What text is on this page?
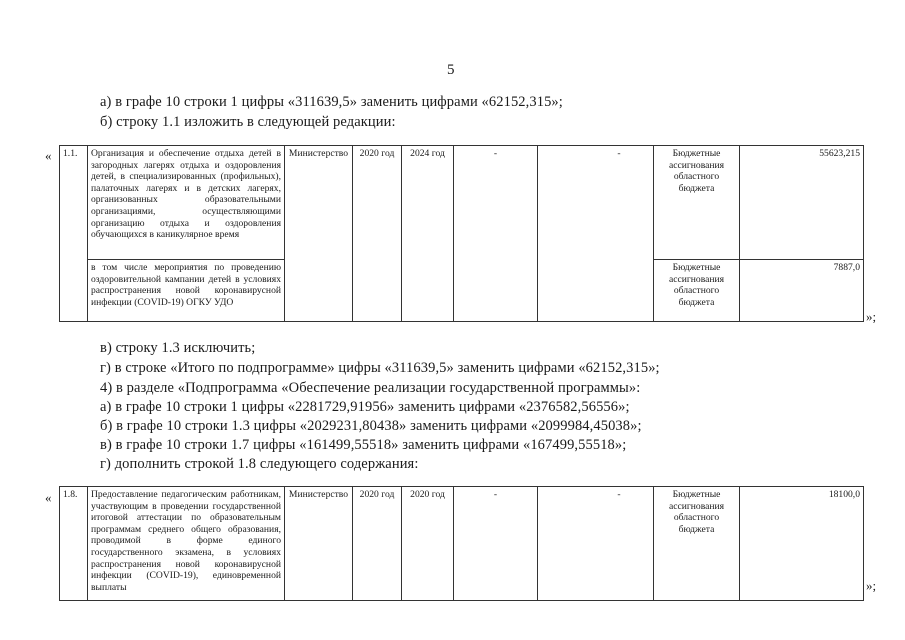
5
а) в графе 10 строки 1 цифры «311639,5» заменить цифрами «62152,315»;
б) строку 1.1 изложить в следующей редакции:
« 1.1.	Организация и обеспечение отдыха детей в загородных лагерях отдыха и оздоровления детей, в специализированных (профильных), палаточных лагерях и в детских лагерях, организованных образовательными организациями, осуществляющими организацию отдыха и оздоровления обучающихся в каникулярное время	Министерство	2020 год	2024 год	-	-	Бюджетные ассигнования областного бюджета	55623,215
	в том числе мероприятия по проведению оздоровительной кампании детей в условиях распространения новой коронавирусной инфекции (COVID-19) ОГКУ УДО						Бюджетные ассигнования областного бюджета	7887,0
»;
в) строку 1.3 исключить;
г) в строке «Итого по подпрограмме» цифры «311639,5» заменить цифрами «62152,315»;
4) в разделе «Подпрограмма «Обеспечение реализации государственной программы»:
а) в графе 10 строки 1 цифры «2281729,91956» заменить цифрами «2376582,56556»;
б) в графе 10 строки 1.3 цифры «2029231,80438» заменить цифрами «2099984,45038»;
в) в графе 10 строки 1.7 цифры «161499,55518» заменить цифрами «167499,55518»;
г) дополнить строкой 1.8 следующего содержания:
« 1.8.	Предоставление педагогическим работникам, участвующим в проведении государственной итоговой аттестации по образовательным программам среднего общего образования, проводимой в форме единого государственного экзамена, в условиях распространения новой коронавирусной инфекции (COVID-19), единовременной выплаты	Министерство	2020 год	2020 год	-	-	Бюджетные ассигнования областного бюджета	18100,0
»;
